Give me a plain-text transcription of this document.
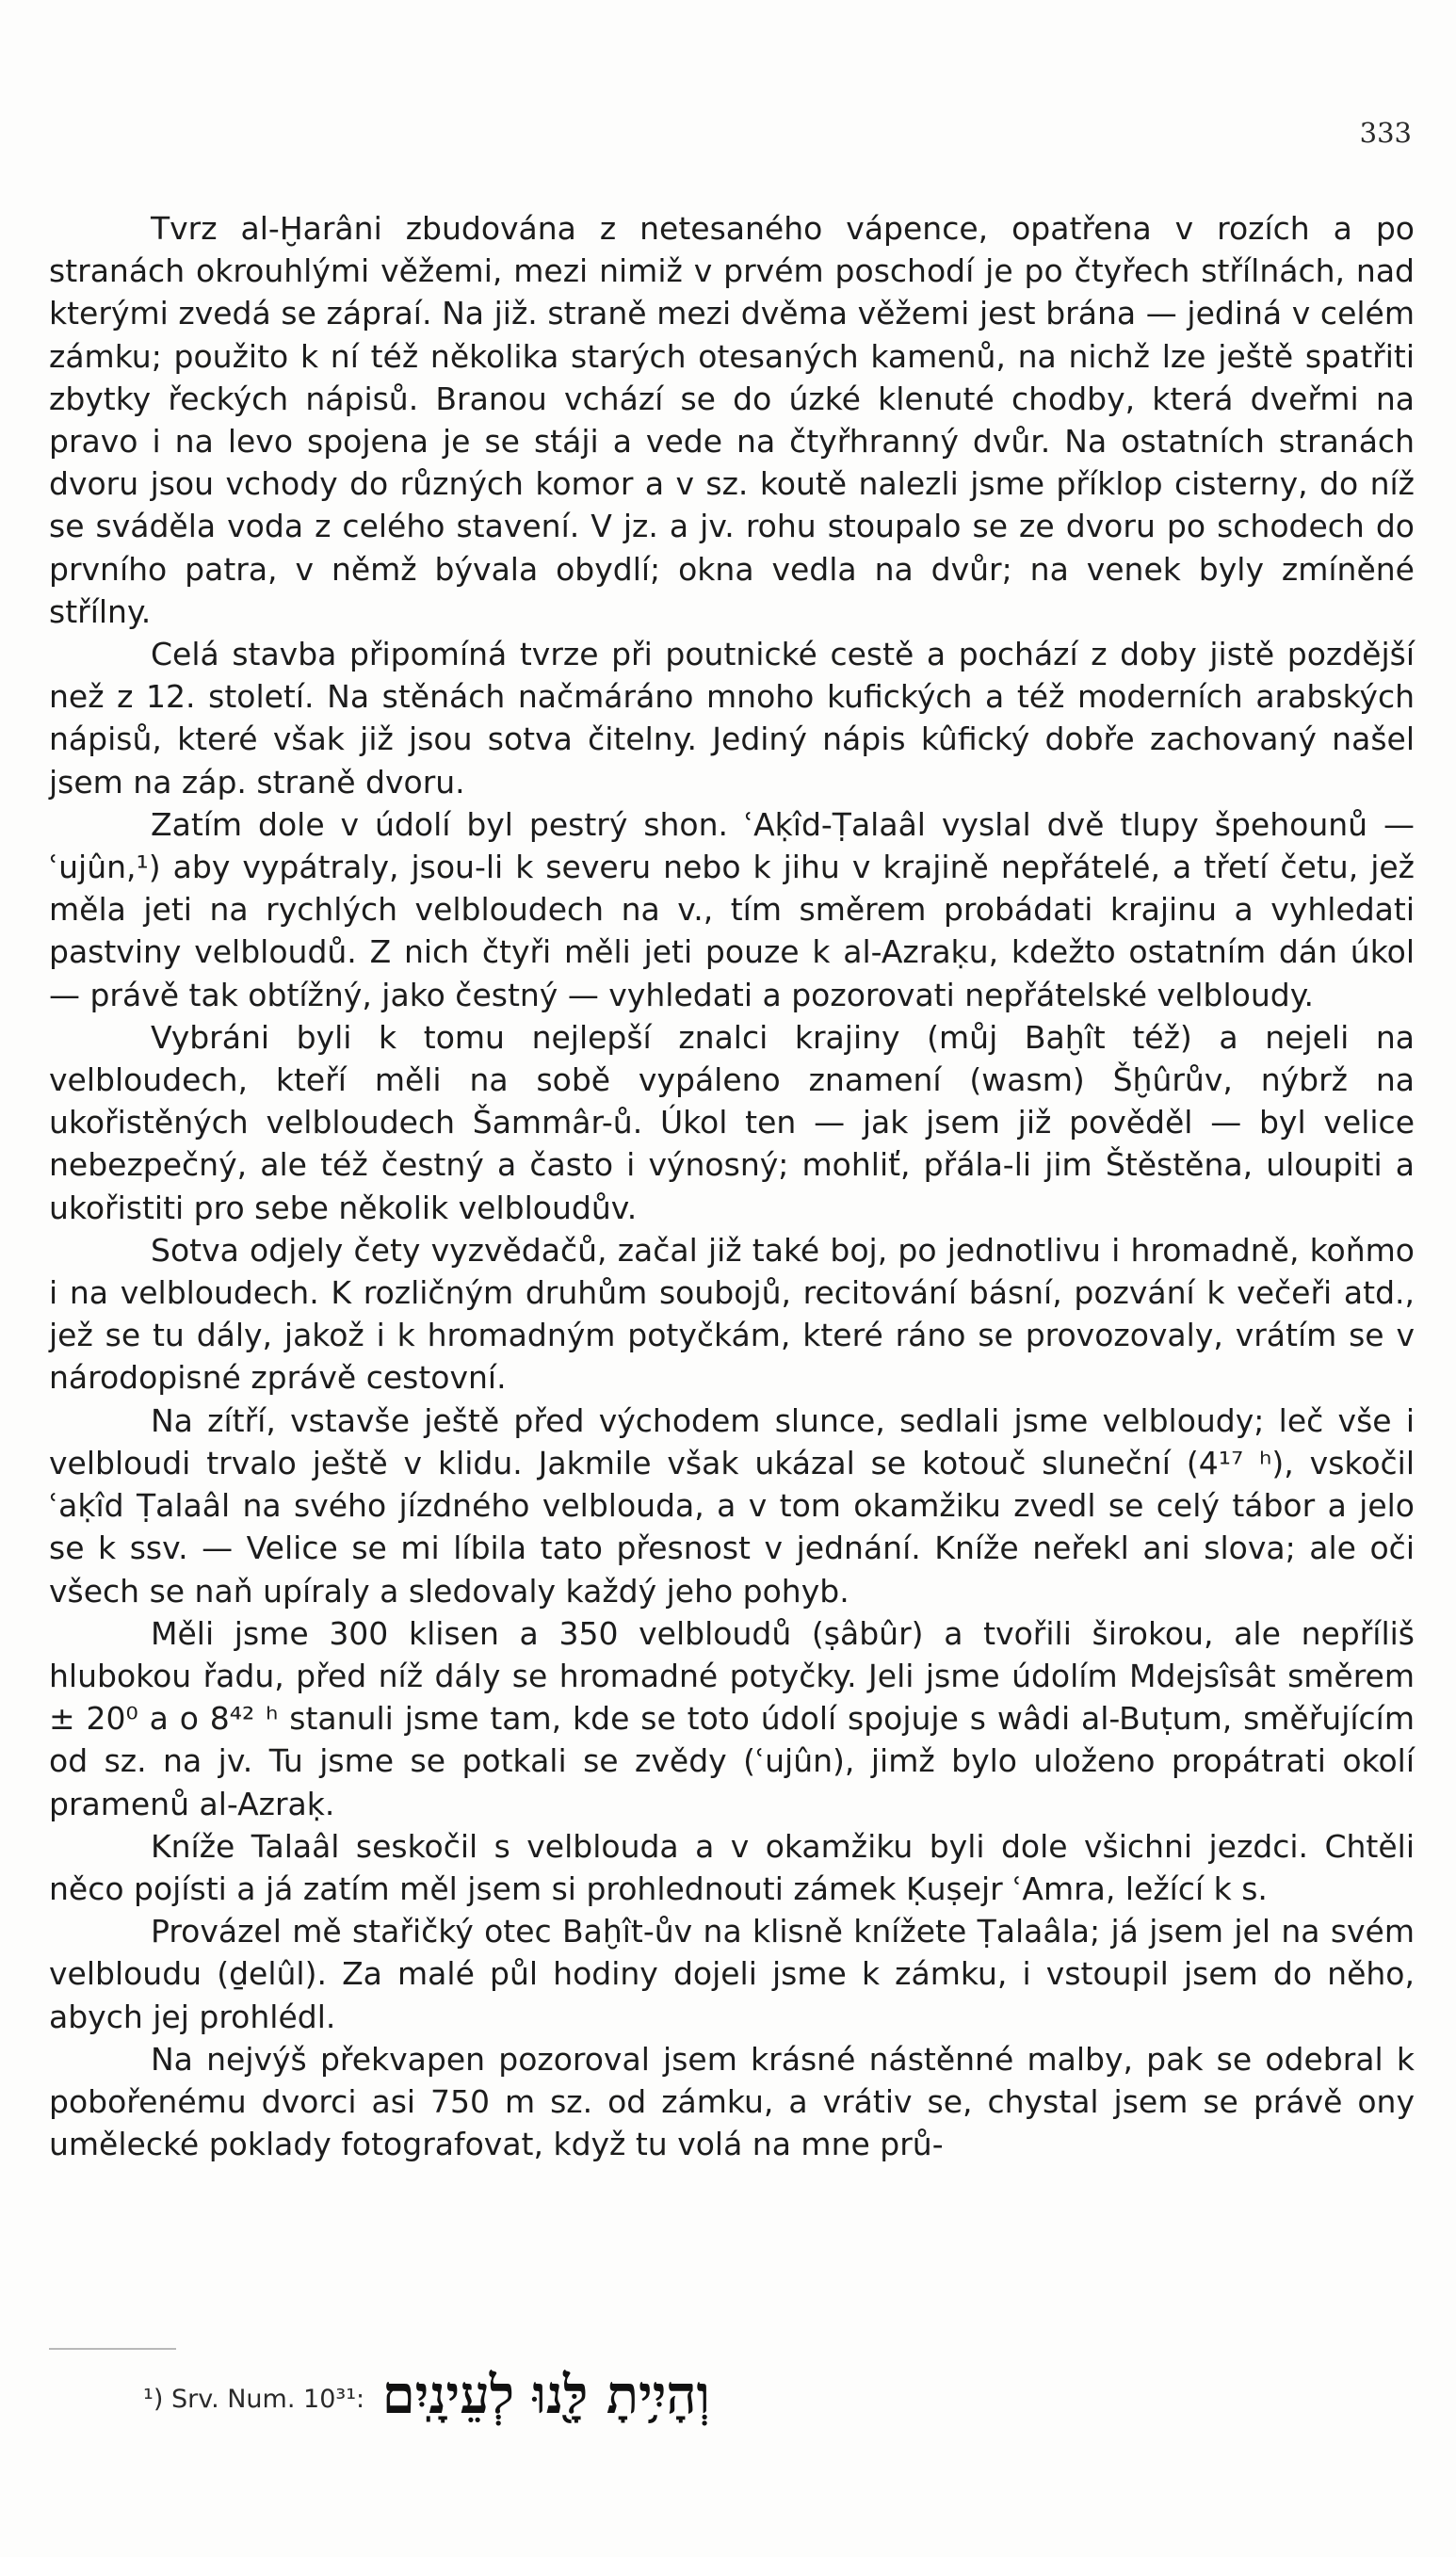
333

Tvrz al-Ḫarâni zbudována z netesaného vápence, opatřena v rozích a po stranách okrouhlými věžemi, mezi nimiž v prvém poschodí je po čtyřech střílnách, nad kterými zvedá se zápraí. Na již. straně mezi dvěma věžemi jest brána — jediná v celém zámku; použito k ní též několika starých otesaných kamenů, na nichž lze ještě spatřiti zbytky řeckých nápisů. Branou vchází se do úzké klenuté chodby, která dveřmi na pravo i na levo spojena je se stáji a vede na čtyřhranný dvůr. Na ostatních stranách dvoru jsou vchody do různých komor a v sz. koutě nalezli jsme příklop cisterny, do níž se sváděla voda z celého stavení. V jz. a jv. rohu stoupalo se ze dvoru po schodech do prvního patra, v němž bývala obydlí; okna vedla na dvůr; na venek byly zmíněné střílny.

Celá stavba připomíná tvrze při poutnické cestě a pochází z doby jistě pozdější než z 12. století. Na stěnách načmáráno mnoho kufických a též moderních arabských nápisů, které však již jsou sotva čitelny. Jediný nápis kûfický dobře zachovaný našel jsem na záp. straně dvoru.

Zatím dole v údolí byl pestrý shon. ʿAḳîd-Ṭalaâl vyslal dvě tlupy špehounů — ʿujûn,¹) aby vypátraly, jsou-li k severu nebo k jihu v krajině nepřátelé, a třetí četu, jež měla jeti na rychlých velbloudech na v., tím směrem probádati krajinu a vyhledati pastviny velbloudů. Z nich čtyři měli jeti pouze k al-Azraḳu, kdežto ostatním dán úkol — právě tak obtížný, jako čestný — vyhledati a pozorovati nepřátelské velbloudy.

Vybráni byli k tomu nejlepší znalci krajiny (můj Baḫît též) a nejeli na velbloudech, kteří měli na sobě vypáleno znamení (wasm) Šḫûrův, nýbrž na ukořistěných velbloudech Šammâr-ů. Úkol ten — jak jsem již pověděl — byl velice nebezpečný, ale též čestný a často i výnosný; mohliť, přála-li jim Štěstěna, uloupiti a ukořistiti pro sebe několik velbloudův.

Sotva odjely čety vyzvědačů, začal již také boj, po jednotlivu i hromadně, koňmo i na velbloudech. K rozličným druhům soubojů, recitování básní, pozvání k večeři atd., jež se tu dály, jakož i k hromadným potyčkám, které ráno se provozovaly, vrátím se v národopisné zprávě cestovní.

Na zítří, vstavše ještě před východem slunce, sedlali jsme velbloudy; leč vše i velbloudi trvalo ještě v klidu. Jakmile však ukázal se kotouč sluneční (4¹⁷ ʰ), vskočil ʿaḳîd Ṭalaâl na svého jízdného velblouda, a v tom okamžiku zvedl se celý tábor a jelo se k ssv. — Velice se mi líbila tato přesnost v jednání. Kníže neřekl ani slova; ale oči všech se naň upíraly a sledovaly každý jeho pohyb.

Měli jsme 300 klisen a 350 velbloudů (ṣâbûr) a tvořili širokou, ale nepříliš hlubokou řadu, před níž dály se hromadné potyčky. Jeli jsme údolím Mdejsîsât směrem ± 20⁰ a o 8⁴² ʰ stanuli jsme tam, kde se toto údolí spojuje s wâdi al-Buṭum, směřujícím od sz. na jv. Tu jsme se potkali se zvědy (ʿujûn), jimž bylo uloženo propátrati okolí pramenů al-Azraḳ.

Kníže Talaâl seskočil s velblouda a v okamžiku byli dole všichni jezdci. Chtěli něco pojísti a já zatím měl jsem si prohlednouti zámek Ḳuṣejr ʿAmra, ležící k s.

Provázel mě stařičký otec Baḫît-ův na klisně knížete Ṭalaâla; já jsem jel na svém velbloudu (ḏelûl). Za malé půl hodiny dojeli jsme k zámku, i vstoupil jsem do něho, abych jej prohlédl.

Na nejvýš překvapen pozoroval jsem krásné nástěnné malby, pak se odebral k pobořenému dvorci asi 750 m sz. od zámku, a vrátiv se, chystal jsem se právě ony umělecké poklady fotografovat, když tu volá na mne prů-

¹) Srv. Num. 10³¹: וְהָיִ֥יתָ לָּ֖נוּ לְעֵינָֽיִם
